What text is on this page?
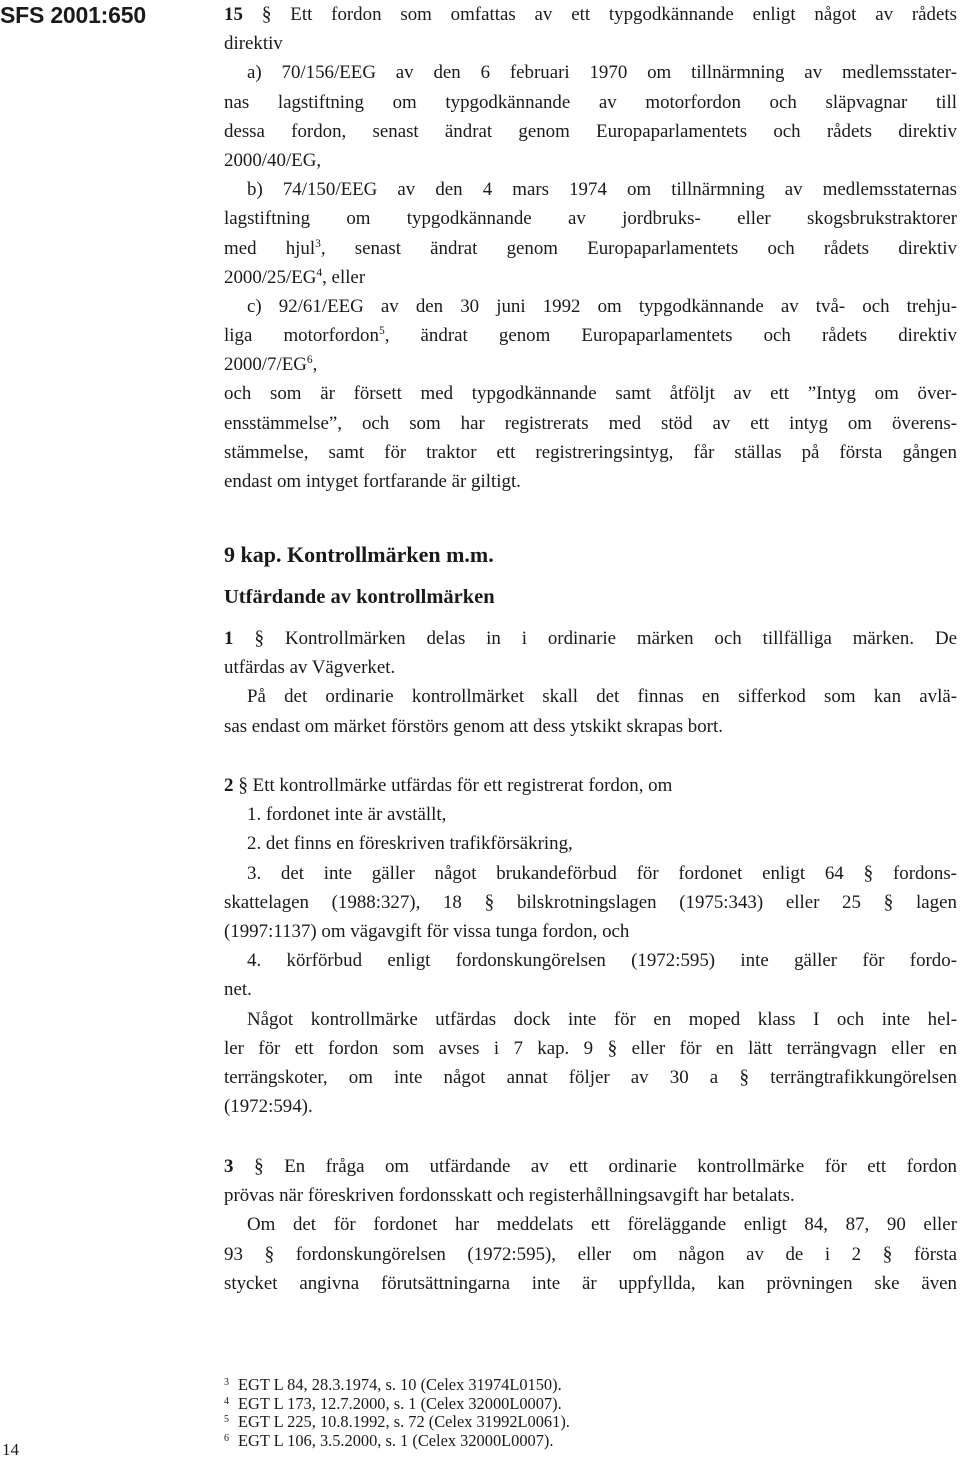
SFS 2001:650
14
15 § Ett fordon som omfattas av ett typgodkännande enligt något av rådets
direktiv
a) 70/156/EEG av den 6 februari 1970 om tillnärmning av medlemsstater-
nas lagstiftning om typgodkännande av motorfordon och släpvagnar till
dessa fordon, senast ändrat genom Europaparlamentets och rådets direktiv
2000/40/EG,
b) 74/150/EEG av den 4 mars 1974 om tillnärmning av medlemsstaternas
lagstiftning om typgodkännande av jordbruks- eller skogsbrukstraktorer
med hjul$^3$, senast ändrat genom Europaparlamentets och rådets direktiv
$2000/25/EG^4$, eller
c) 92/61/EEG av den 30 juni 1992 om typgodkännande av två- och trehju-
liga motorfordon$^5$, ändrat genom Europaparlamentets och rådets direktiv
$2000/7/EG^6$,
och som är försett med typgodkännande samt åtföljt av ett ”Intyg om över-
ensstämmelse”, och som har registrerats med stöd av ett intyg om överens-
stämmelse, samt för traktor ett registreringsintyg, får ställas på första gången
endast om intyget fortfarande är giltigt.
9 kap. Kontrollmärken m.m.
Utfärdande av kontrollmärken
1 § Kontrollmärken delas in i ordinarie märken och tillfälliga märken. De
utfärdas av Vägverket.
På det ordinarie kontrollmärket skall det finnas en sifferkod som kan avlä-
sas endast om märket förstörs genom att dess ytskikt skrapas bort.
2 § Ett kontrollmärke utfärdas för ett registrerat fordon, om
1. fordonet inte är avställt,
2. det finns en föreskriven trafikförsäkring,
3. det inte gäller något brukandeförbud för fordonet enligt 64 § fordons-
skattelagen (1988:327), 18 § bilskrotningslagen (1975:343) eller 25 § lagen
(1997:1137) om vägavgift för vissa tunga fordon, och
4. körförbud enligt fordonskungörelsen (1972:595) inte gäller för fordo-
net.
Något kontrollmärke utfärdas dock inte för en moped klass I och inte hel-
ler för ett fordon som avses i 7 kap. 9 § eller för en lätt terrängvagn eller en
terrängskoter, om inte något annat följer av 30 a § terrängtrafikkungörelsen
(1972:594).
3 § En fråga om utfärdande av ett ordinarie kontrollmärke för ett fordon
prövas när föreskriven fordonsskatt och registerhållningsavgift har betalats.
Om det för fordonet har meddelats ett föreläggande enligt 84, 87, 90 eller
93 § fordonskungörelsen (1972:595), eller om någon av de i 2 § första
stycket angivna förutsättningarna inte är uppfyllda, kan prövningen ske även
$^3$ EGT L 84, 28.3.1974, s. 10 (Celex 31974L0150).
$^4$ EGT L 173, 12.7.2000, s. 1 (Celex 32000L0007).
$^5$ EGT L 225, 10.8.1992, s. 72 (Celex 31992L0061).
$^6$ EGT L 106, 3.5.2000, s. 1 (Celex 32000L0007).
